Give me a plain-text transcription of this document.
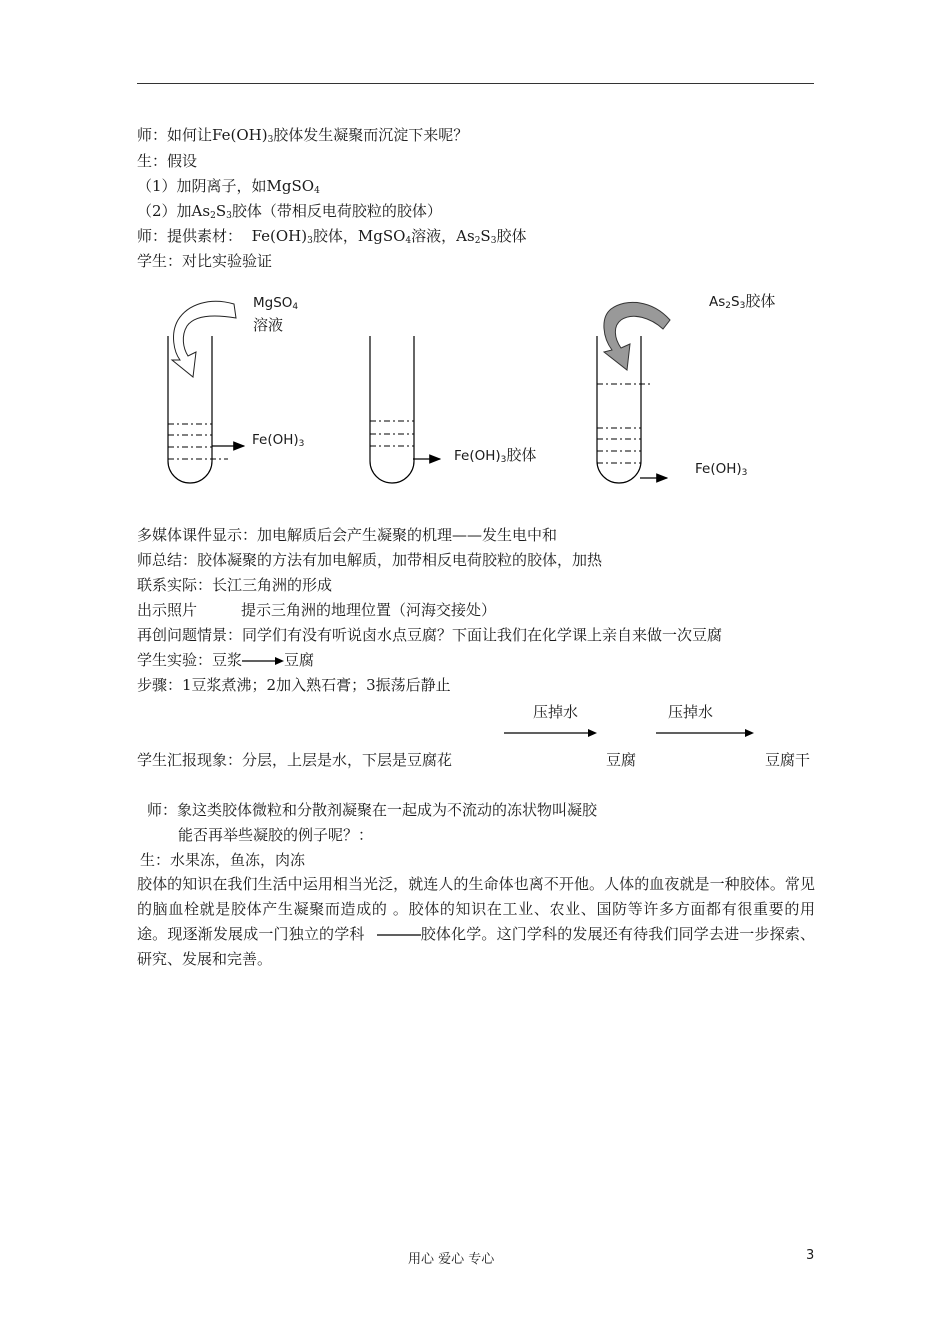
师：如何让$Fe(OH)_3$胶体发生凝聚而沉淀下来呢？
生：假设
（1）加阴离子，如MgSO$_4$
（2）加$As_2S_3$胶体（带相反电荷胶粒的胶体）
师：提供素材： $Fe(OH)_3$胶体，MgSO$_4$溶液，$As_2S_3$胶体
学生：对比实验验证
MgSO$_4$
溶液
$Fe(OH)_3$
$Fe(OH)_3$胶体
$As_2S_3$胶体
$Fe(OH)_3$
多媒体课件显示：加电解质后会产生凝聚的机理——发生电中和
师总结：胶体凝聚的方法有加电解质，加带相反电荷胶粒的胶体，加热
联系实际：长江三角洲的形成
出示照片	提示三角洲的地理位置（河海交接处）
再创问题情景：同学们有没有听说卤水点豆腐？下面让我们在化学课上亲自来做一次豆腐
学生实验：豆浆	豆腐
步骤：1豆浆煮沸；2加入熟石膏；3振荡后静止
压掉水	压掉水
学生汇报现象：分层，上层是水，下层是豆腐花	豆腐	豆腐干
师：象这类胶体微粒和分散剂凝聚在一起成为不流动的冻状物叫凝胶
能否再举些凝胶的例子呢？：
生：水果冻，鱼冻，肉冻
胶体的知识在我们生活中运用相当光泛，就连人的生命体也离不开他。人体的血夜就是一种胶体。常见的脑血栓就是胶体产生凝聚而造成的 。胶体的知识在工业、农业、国防等许多方面都有很重要的用途。现逐渐发展成一门独立的学科	胶体化学。这门学科的发展还有待我们同学去进一步探索、研究、发展和完善。
用心 爱心 专心	3
